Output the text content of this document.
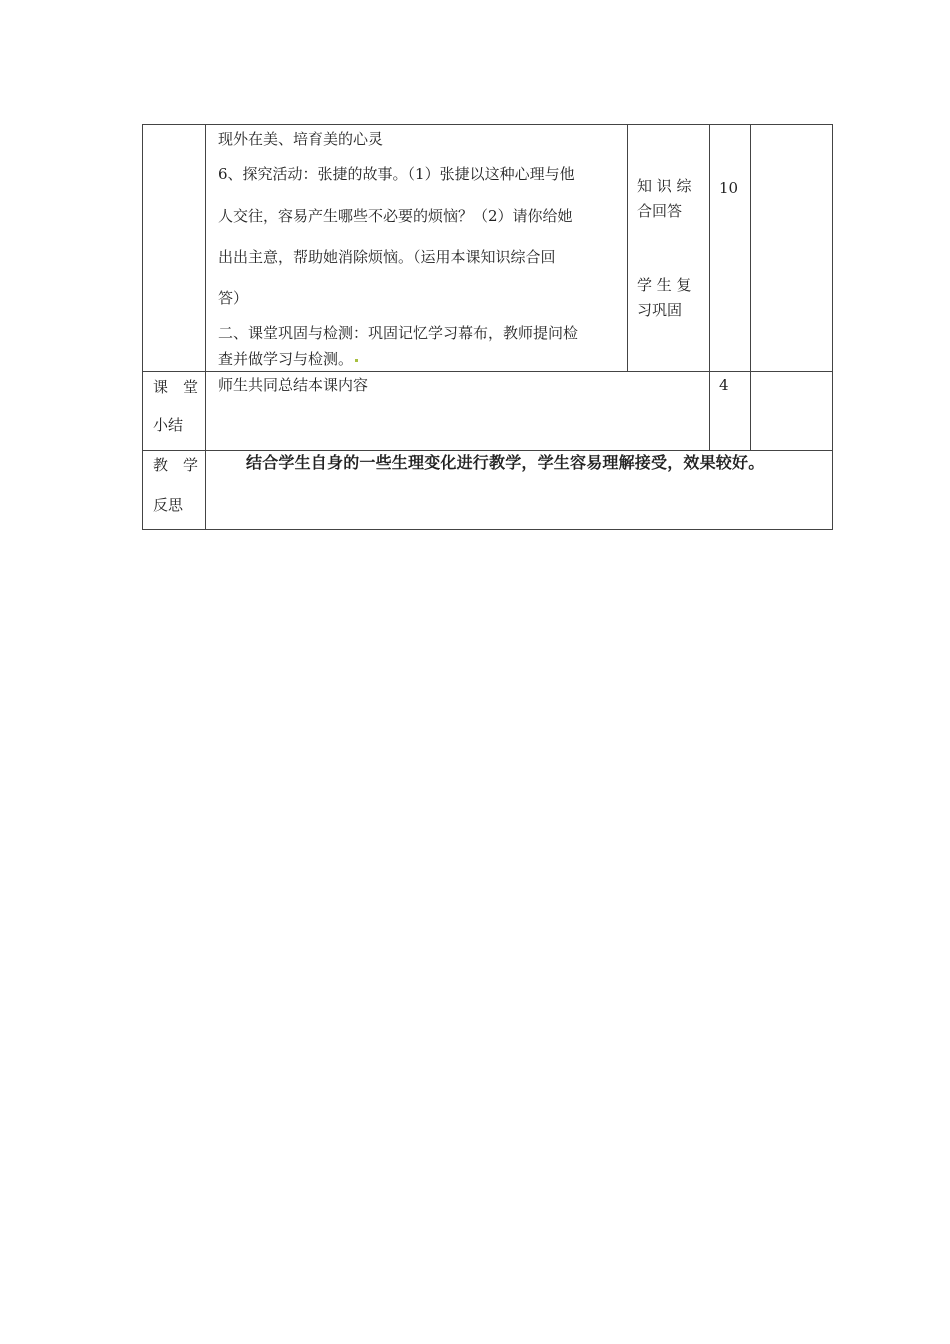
现外在美、培育美的心灵
6、探究活动：张捷的故事。（1）张捷以这种心理与他
人交往，容易产生哪些不必要的烦恼？（2）请你给她
出出主意，帮助她消除烦恼。（运用本课知识综合回
答）
二、课堂巩固与检测：巩固记忆学习幕布，教师提问检
查并做学习与检测。
知 识 综
合回答
学 生 复
习巩固
10
课　堂
小结
师生共同总结本课内容	4
教　学
反思
结合学生自身的一些生理变化进行教学，学生容易理解接受，效果较好。
